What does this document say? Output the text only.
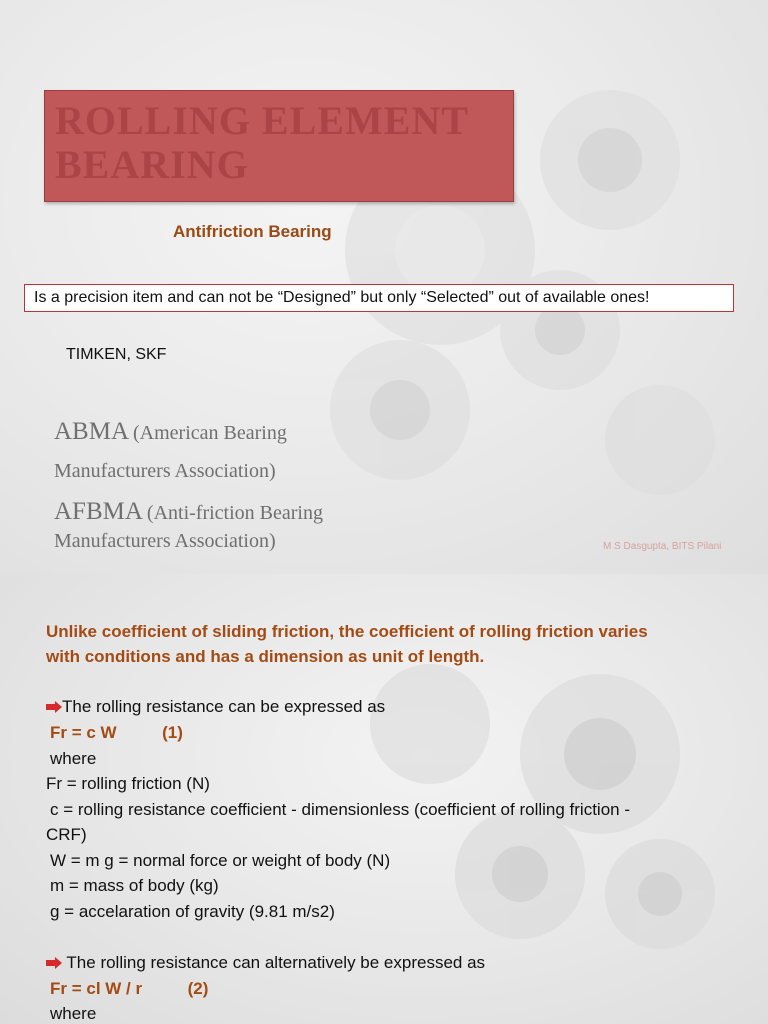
ROLLING ELEMENT BEARING
Antifriction Bearing
Is a precision item and can not be “Designed” but only “Selected” out of available ones!
TIMKEN, SKF
ABMA (American Bearing
Manufacturers Association)
AFBMA (Anti-friction Bearing
Manufacturers Association)	M S Dasgupta, BITS Pilani
Unlike coefficient of sliding friction, the coefficient of rolling friction varies
with conditions and has a dimension as unit of length.
The rolling resistance can be expressed as
Fr = c W	(1)
where
Fr = rolling friction (N)
c = rolling resistance coefficient - dimensionless (coefficient of rolling friction -
CRF)
W = m g = normal force or weight of body (N)
m = mass of body (kg)
g = accelaration of gravity (9.81 m/s2)
The rolling resistance can alternatively be expressed as
Fr = cl W / r	(2)
where
